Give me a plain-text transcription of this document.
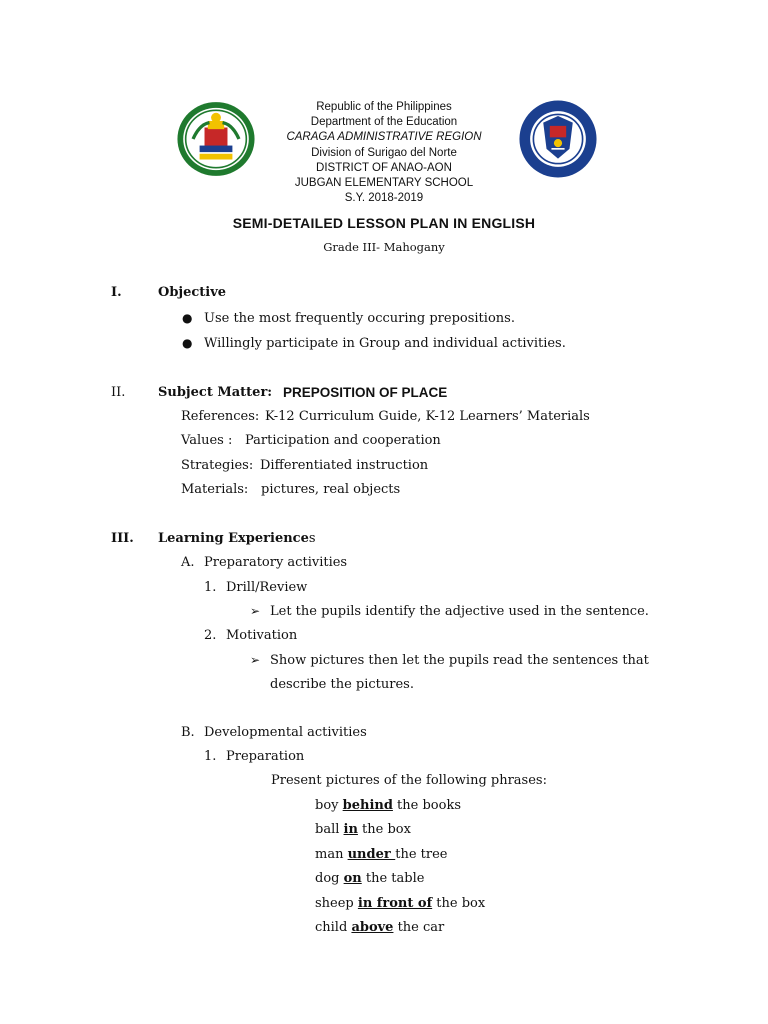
Republic of the Philippines
Department of the Education
CARAGA ADMINISTRATIVE REGION
Division of Surigao del Norte
DISTRICT OF ANAO-AON
JUBGAN ELEMENTARY SCHOOL
S.Y. 2018-2019
SEMI-DETAILED LESSON PLAN IN ENGLISH
Grade III- Mahogany
I.	Objective
● Use the most frequently occuring prepositions.
● Willingly participate in Group and individual activities.
II.	Subject Matter: PREPOSITION OF PLACE
References: K-12 Curriculum Guide, K-12 Learners’ Materials
Values : Participation and cooperation
Strategies: Differentiated instruction
Materials: pictures, real objects
III. Learning Experiences
A. Preparatory activities
1. Drill/Review
➢ Let the pupils identify the adjective used in the sentence.
2. Motivation
➢ Show pictures then let the pupils read the sentences that
describe the pictures.
B. Developmental activities
1. Preparation
Present pictures of the following phrases:
boy behind the books
ball in the box
man under the tree
dog on the table
sheep in front of the box
child above the car
